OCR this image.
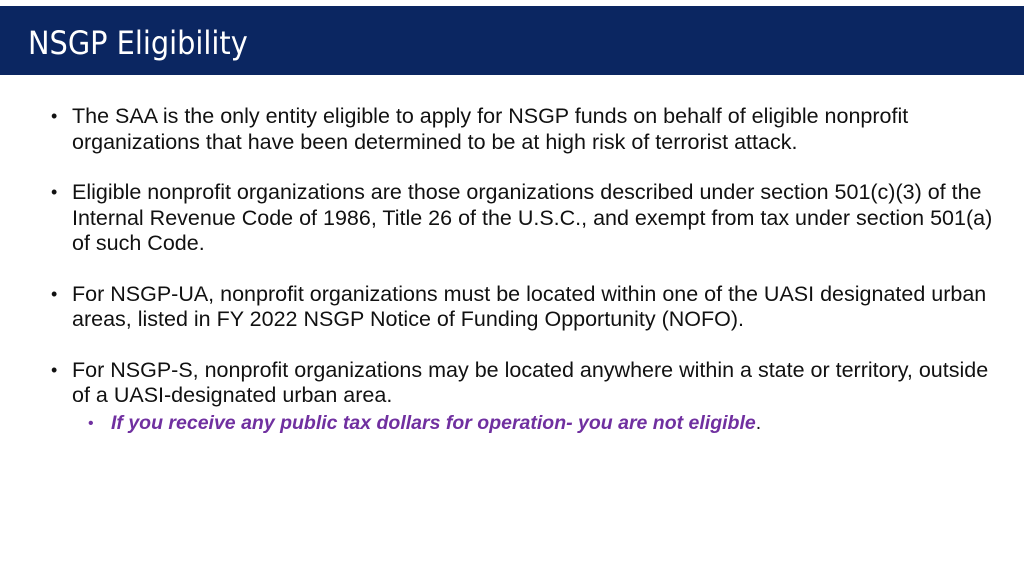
NSGP Eligibility
• The SAA is the only entity eligible to apply for NSGP funds on behalf of eligible nonprofit organizations that have been determined to be at high risk of terrorist attack.
• Eligible nonprofit organizations are those organizations described under section 501(c)(3) of the Internal Revenue Code of 1986, Title 26 of the U.S.C., and exempt from tax under section 501(a) of such Code.
• For NSGP-UA, nonprofit organizations must be located within one of the UASI designated urban areas, listed in FY 2022 NSGP Notice of Funding Opportunity (NOFO).
• For NSGP-S, nonprofit organizations may be located anywhere within a state or territory, outside of a UASI-designated urban area.
• If you receive any public tax dollars for operation- you are not eligible.
